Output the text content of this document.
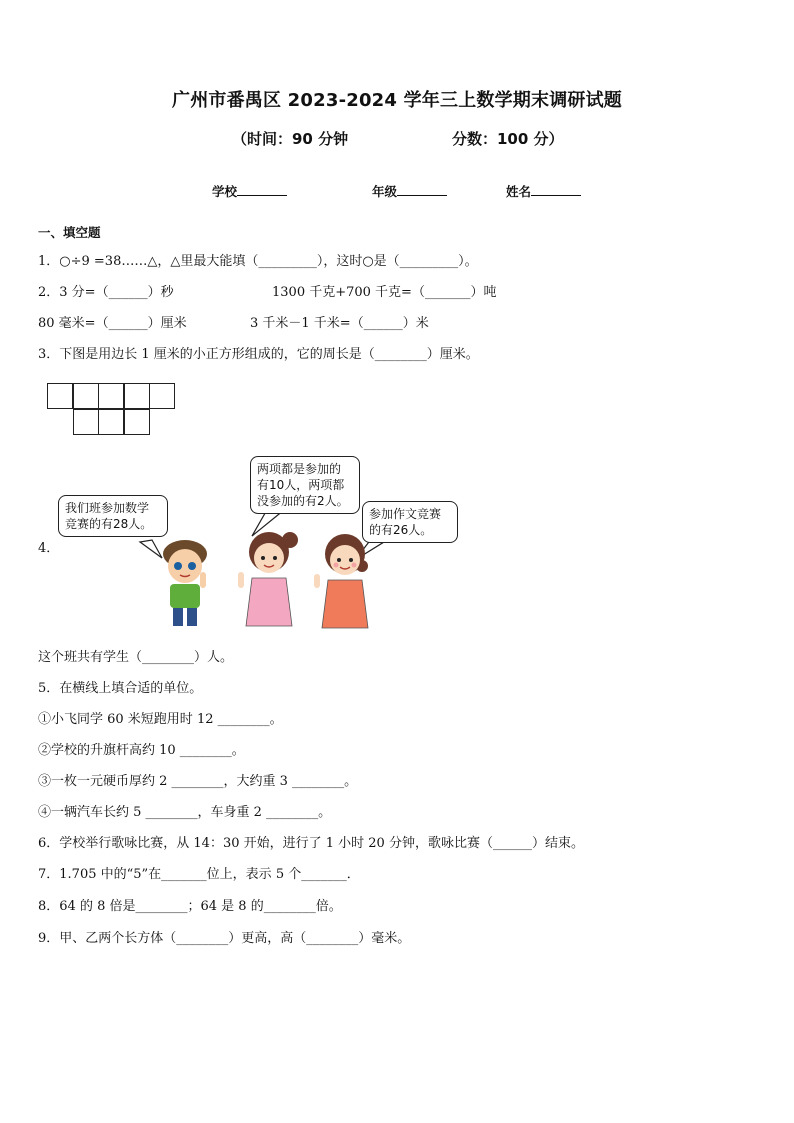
广州市番禺区 2023-2024 学年三上数学期末调研试题
（时间：90 分钟	分数：100 分）
学校	年级	姓名
一、填空题
1．○÷9 =38……△，△里最大能填（_________），这时○是（_________）。
2．3 分=（______）秒	1300 千克+700 千克=（_______）吨
80 毫米=（______）厘米	3 千米－1 千米=（______）米
3．下图是用边长 1 厘米的小正方形组成的，它的周长是（________）厘米。
4．
我们班参加数学
竞赛的有28人。
两项都是参加的
有10人，两项都
没参加的有2人。
参加作文竞赛
的有26人。
这个班共有学生（________）人。
5．在横线上填合适的单位。
①小飞同学 60 米短跑用时 12 ________。
②学校的升旗杆高约 10 ________。
③一枚一元硬币厚约 2 ________，大约重 3 ________。
④一辆汽车长约 5 ________，车身重 2 ________。
6．学校举行歌咏比赛，从 14：30 开始，进行了 1 小时 20 分钟，歌咏比赛（______）结束。
7．1.705 中的“5”在_______位上，表示 5 个_______．
8．64 的 8 倍是________；64 是 8 的________倍。
9．甲、乙两个长方体（________）更高，高（________）毫米。
